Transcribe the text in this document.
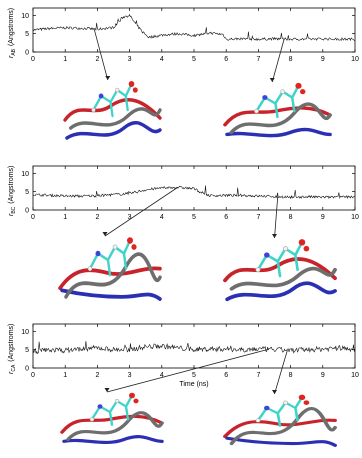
0	1	2	3	4	5	6	7	8	9	10
0
5
10
$r_{AB}$ (Angstroms)
0	1	2	3	4	5	6	7	8	9	10
0
5
10
$r_{BC}$ (Angstroms)
0	1	2	3	4	5	6	7	8	9	10
0
5
10
$r_{CA}$ (Angstroms)
Time (ns)
